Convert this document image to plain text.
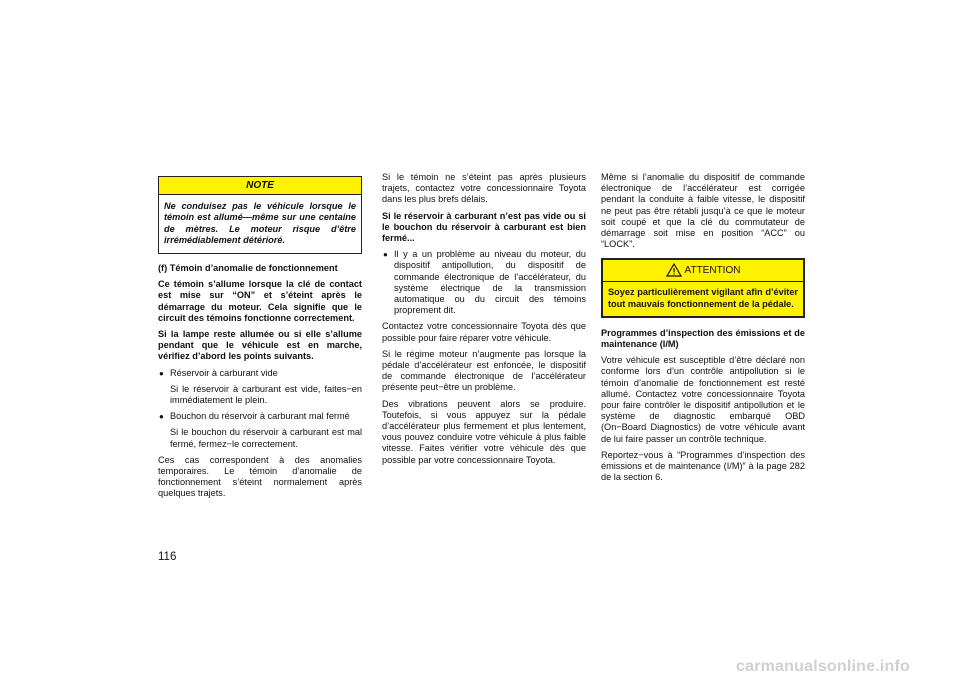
NOTE
Ne conduisez pas le véhicule lorsque le témoin est allumé—même sur une centaine de mètres. Le moteur risque d’être irrémédiablement détérioré.

(f) Témoin d’anomalie de fonctionnement

Ce témoin s’allume lorsque la clé de contact est mise sur “ON” et s’éteint après le démarrage du moteur. Cela signifie que le circuit des témoins fonctionne correctement.

Si la lampe reste allumée ou si elle s’allume pendant que le véhicule est en marche, vérifiez d’abord les points suivants.

● Réservoir à carburant vide
Si le réservoir à carburant est vide, faites−en immédiatement le plein.
● Bouchon du réservoir à carburant mal fermé
Si le bouchon du réservoir à carburant est mal fermé, fermez−le correctement.

Ces cas correspondent à des anomalies temporaires. Le témoin d’anomalie de fonctionnement s’éteint normalement après quelques trajets.

Si le témoin ne s’éteint pas après plusieurs trajets, contactez votre concessionnaire Toyota dans les plus brefs délais.

Si le réservoir à carburant n’est pas vide ou si le bouchon du réservoir à carburant est bien fermé...

● Il y a un problème au niveau du moteur, du dispositif antipollution, du dispositif de commande électronique de l’accélérateur, du système électrique de la transmission automatique ou du circuit des témoins proprement dit.

Contactez votre concessionnaire Toyota dès que possible pour faire réparer votre véhicule.

Si le régime moteur n’augmente pas lorsque la pédale d’accélérateur est enfoncée, le dispositif de commande électronique de l’accélérateur présente peut−être un problème.

Des vibrations peuvent alors se produire. Toutefois, si vous appuyez sur la pédale d’accélérateur plus fermement et plus lentement, vous pouvez conduire votre véhicule à plus faible vitesse. Faites vérifier votre véhicule dès que possible par votre concessionnaire Toyota.

Même si l’anomalie du dispositif de commande électronique de l’accélérateur est corrigée pendant la conduite à faible vitesse, le dispositif ne peut pas être rétabli jusqu’à ce que le moteur soit coupé et que la clé du commutateur de démarrage soit mise en position “ACC” ou “LOCK”.

ATTENTION
Soyez particulièrement vigilant afin d’éviter tout mauvais fonctionnement de la pédale.

Programmes d’inspection des émissions et de maintenance (I/M)

Votre véhicule est susceptible d’être déclaré non conforme lors d’un contrôle antipollution si le témoin d’anomalie de fonctionnement est resté allumé. Contactez votre concessionnaire Toyota pour faire contrôler le dispositif antipollution et le système de diagnostic embarqué OBD (On−Board Diagnostics) de votre véhicule avant de lui faire passer un contrôle technique.

Reportez−vous à “Programmes d’inspection des émissions et de maintenance (I/M)” à la page 282 de la section 6.

116
carmanualsonline.info
